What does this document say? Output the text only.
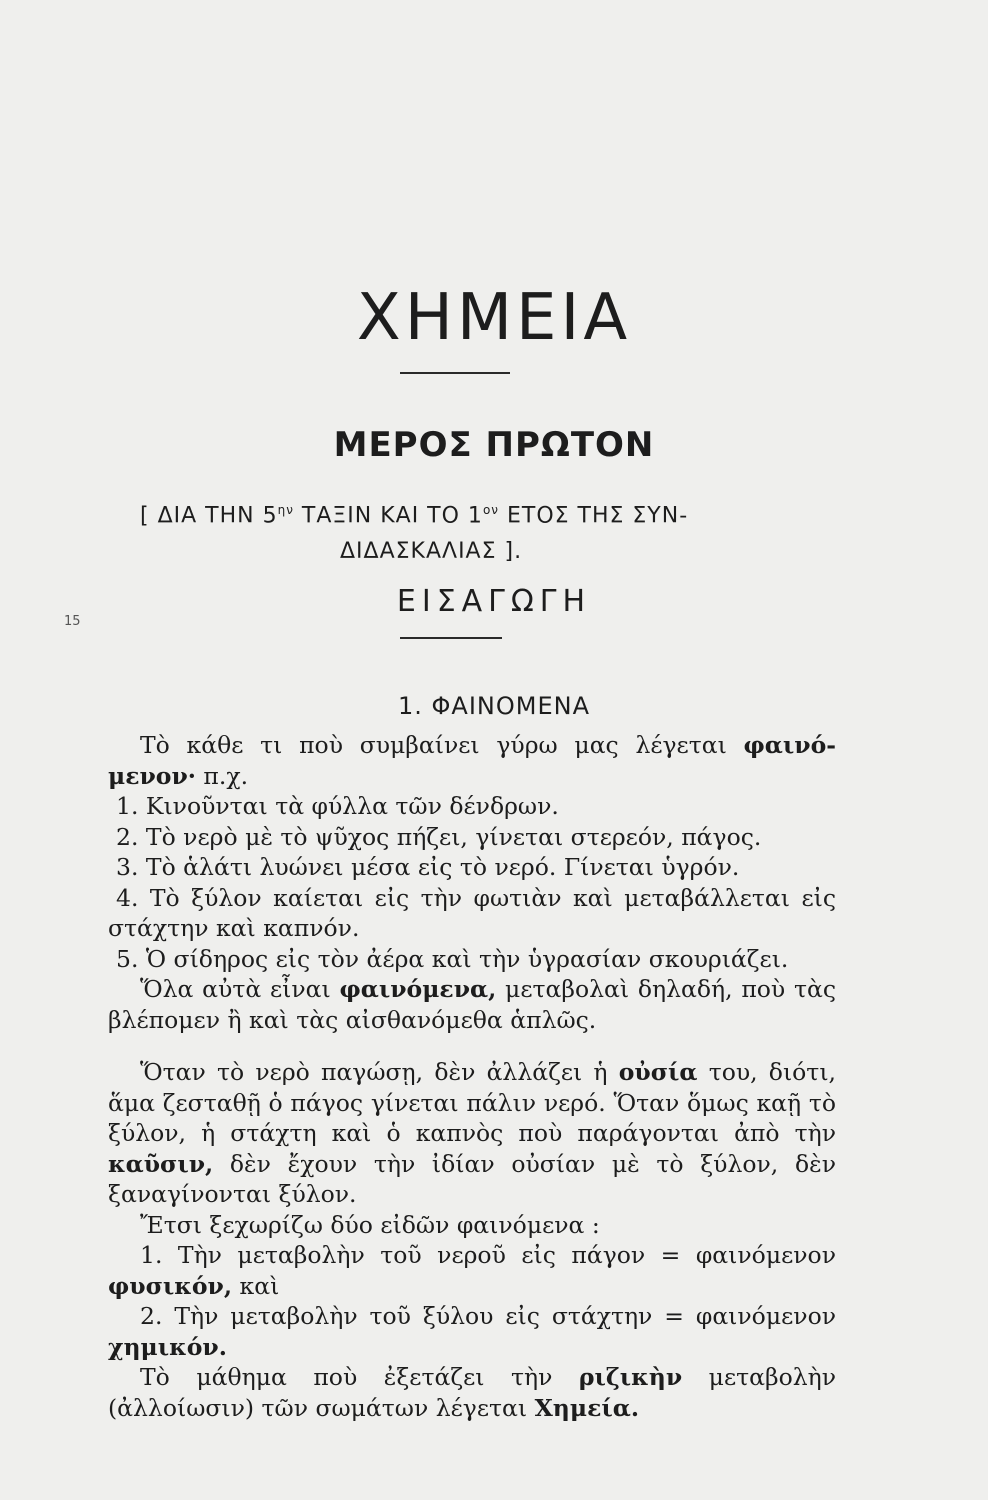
15
ΧΗΜΕΙΑ
ΜΕΡΟΣ ΠΡΩΤΟΝ
[ ΔΙΑ ΤΗΝ $5^{\eta\nu}$ ΤΑΞΙΝ ΚΑΙ ΤΟ $1^{o\nu}$ ΕΤΟΣ ΤΗΣ ΣΥΝ-
ΔΙΔΑΣΚΑΛΙΑΣ ].
ΕΙΣΑΓΩΓΗ
1. ΦΑΙΝΟΜΕΝΑ

Τὸ κάθε τι ποὺ συμβαίνει γύρω μας λέγεται φαινό-μενον· π.χ.

1. Κινοῦνται τὰ φύλλα τῶν δένδρων.

2. Τὸ νερὸ μὲ τὸ ψῦχος πήζει, γίνεται στερεόν, πάγος.

3. Τὸ ἁλάτι λυώνει μέσα εἰς τὸ νερό. Γίνεται ὑγρόν.

4. Τὸ ξύλον καίεται εἰς τὴν φωτιὰν καὶ μεταβάλλεται εἰς στάχτην καὶ καπνόν.

5. Ὁ σίδηρος εἰς τὸν ἀέρα καὶ τὴν ὑγρασίαν σκουριάζει.

Ὅλα αὐτὰ εἶναι φαινόμενα, μεταβολαὶ δηλαδή, ποὺ τὰς βλέπομεν ἢ καὶ τὰς αἰσθανόμεθα ἁπλῶς.

Ὅταν τὸ νερὸ παγώσῃ, δὲν ἀλλάζει ἡ οὐσία του, διότι, ἅμα ζεσταθῇ ὁ πάγος γίνεται πάλιν νερό. Ὅταν ὅμως καῇ τὸ ξύλον, ἡ στάχτη καὶ ὁ καπνὸς ποὺ παράγονται ἀπὸ τὴν καῦσιν, δὲν ἔχουν τὴν ἰδίαν οὐσίαν μὲ τὸ ξύλον, δὲν ξαναγίνονται ξύλον.

Ἔτσι ξεχωρίζω δύο εἰδῶν φαινόμενα :

1. Τὴν μεταβολὴν τοῦ νεροῦ εἰς πάγον = φαινόμενον φυσικόν, καὶ

2. Τὴν μεταβολὴν τοῦ ξύλου εἰς στάχτην = φαινόμενον χημικόν.

Τὸ μάθημα ποὺ ἐξετάζει τὴν ριζικὴν μεταβολὴν (ἀλλοίωσιν) τῶν σωμάτων λέγεται Χημεία.
